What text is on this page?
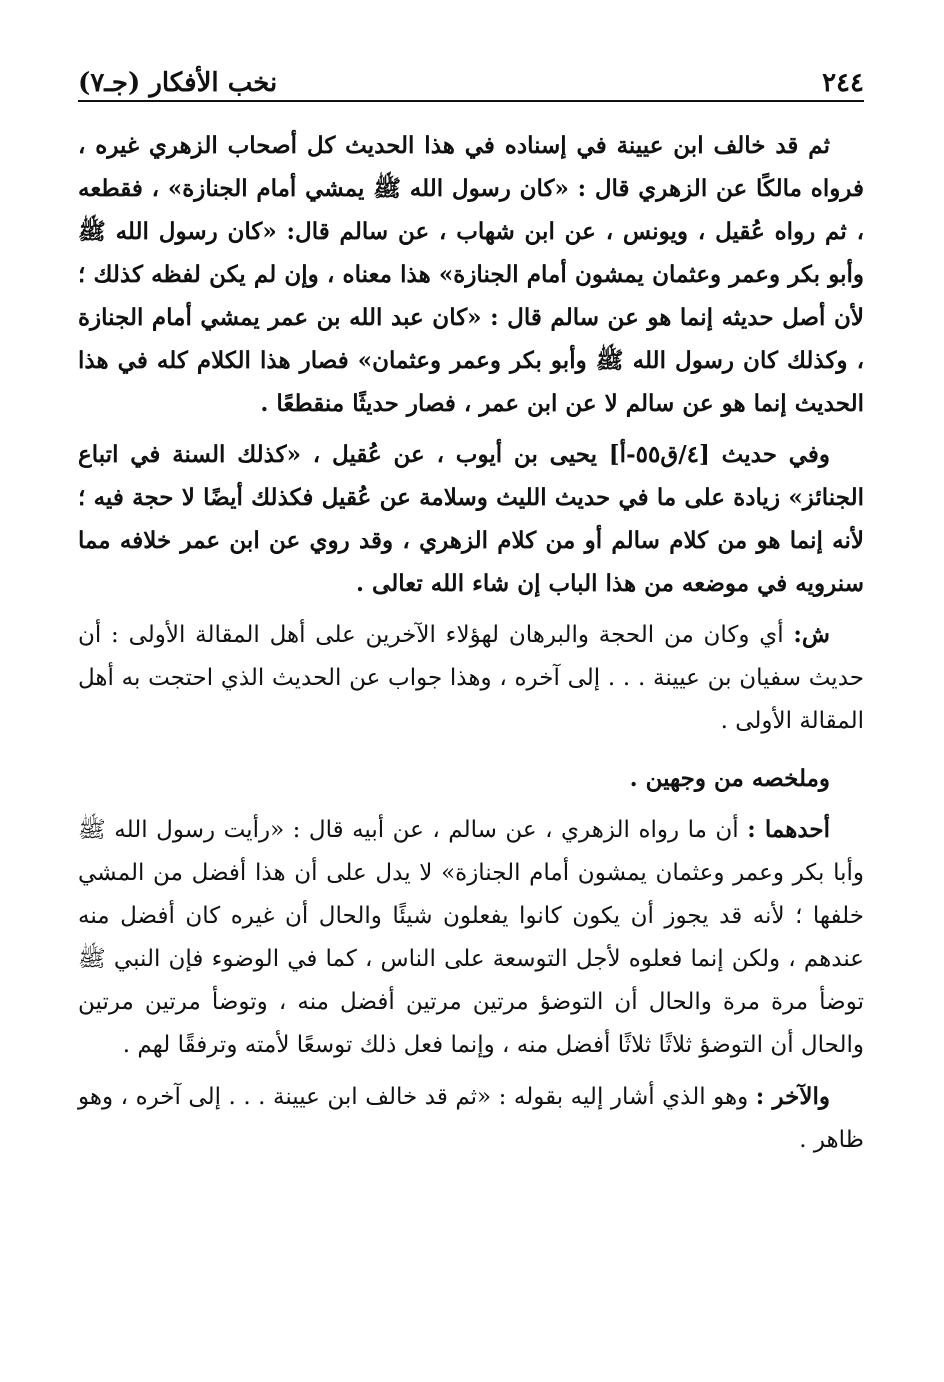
٢٤٤
نخب الأفكار (جـ٧)

ثم قد خالف ابن عيينة في إسناده في هذا الحديث كل أصحاب الزهري غيره ، فرواه مالكًا عن الزهري قال : «كان رسول الله ﷺ يمشي أمام الجنازة» ، فقطعه ، ثم رواه عُقيل ، ويونس ، عن ابن شهاب ، عن سالم قال: «كان رسول الله ﷺ وأبو بكر وعمر وعثمان يمشون أمام الجنازة» هذا معناه ، وإن لم يكن لفظه كذلك ؛ لأن أصل حديثه إنما هو عن سالم قال : «كان عبد الله بن عمر يمشي أمام الجنازة ، وكذلك كان رسول الله ﷺ وأبو بكر وعمر وعثمان» فصار هذا الكلام كله في هذا الحديث إنما هو عن سالم لا عن ابن عمر ، فصار حديثًا منقطعًا .

وفي حديث [٤/ق٥٥-أ] يحيى بن أيوب ، عن عُقيل ، «كذلك السنة في اتباع الجنائز» زيادة على ما في حديث الليث وسلامة عن عُقيل فكذلك أيضًا لا حجة فيه ؛ لأنه إنما هو من كلام سالم أو من كلام الزهري ، وقد روي عن ابن عمر خلافه مما سنرويه في موضعه من هذا الباب إن شاء الله تعالى .

ش: أي وكان من الحجة والبرهان لهؤلاء الآخرين على أهل المقالة الأولى : أن حديث سفيان بن عيينة . . . إلى آخره ، وهذا جواب عن الحديث الذي احتجت به أهل المقالة الأولى .

وملخصه من وجهين .

أحدهما : أن ما رواه الزهري ، عن سالم ، عن أبيه قال : «رأيت رسول الله ﷺ وأبا بكر وعمر وعثمان يمشون أمام الجنازة» لا يدل على أن هذا أفضل من المشي خلفها ؛ لأنه قد يجوز أن يكون كانوا يفعلون شيئًا والحال أن غيره كان أفضل منه عندهم ، ولكن إنما فعلوه لأجل التوسعة على الناس ، كما في الوضوء فإن النبي ﷺ توضأ مرة مرة والحال أن التوضؤ مرتين مرتين أفضل منه ، وتوضأ مرتين مرتين والحال أن التوضؤ ثلاثًا ثلاثًا أفضل منه ، وإنما فعل ذلك توسعًا لأمته وترفقًا لهم .

والآخر : وهو الذي أشار إليه بقوله : «ثم قد خالف ابن عيينة . . . إلى آخره ، وهو ظاهر .
